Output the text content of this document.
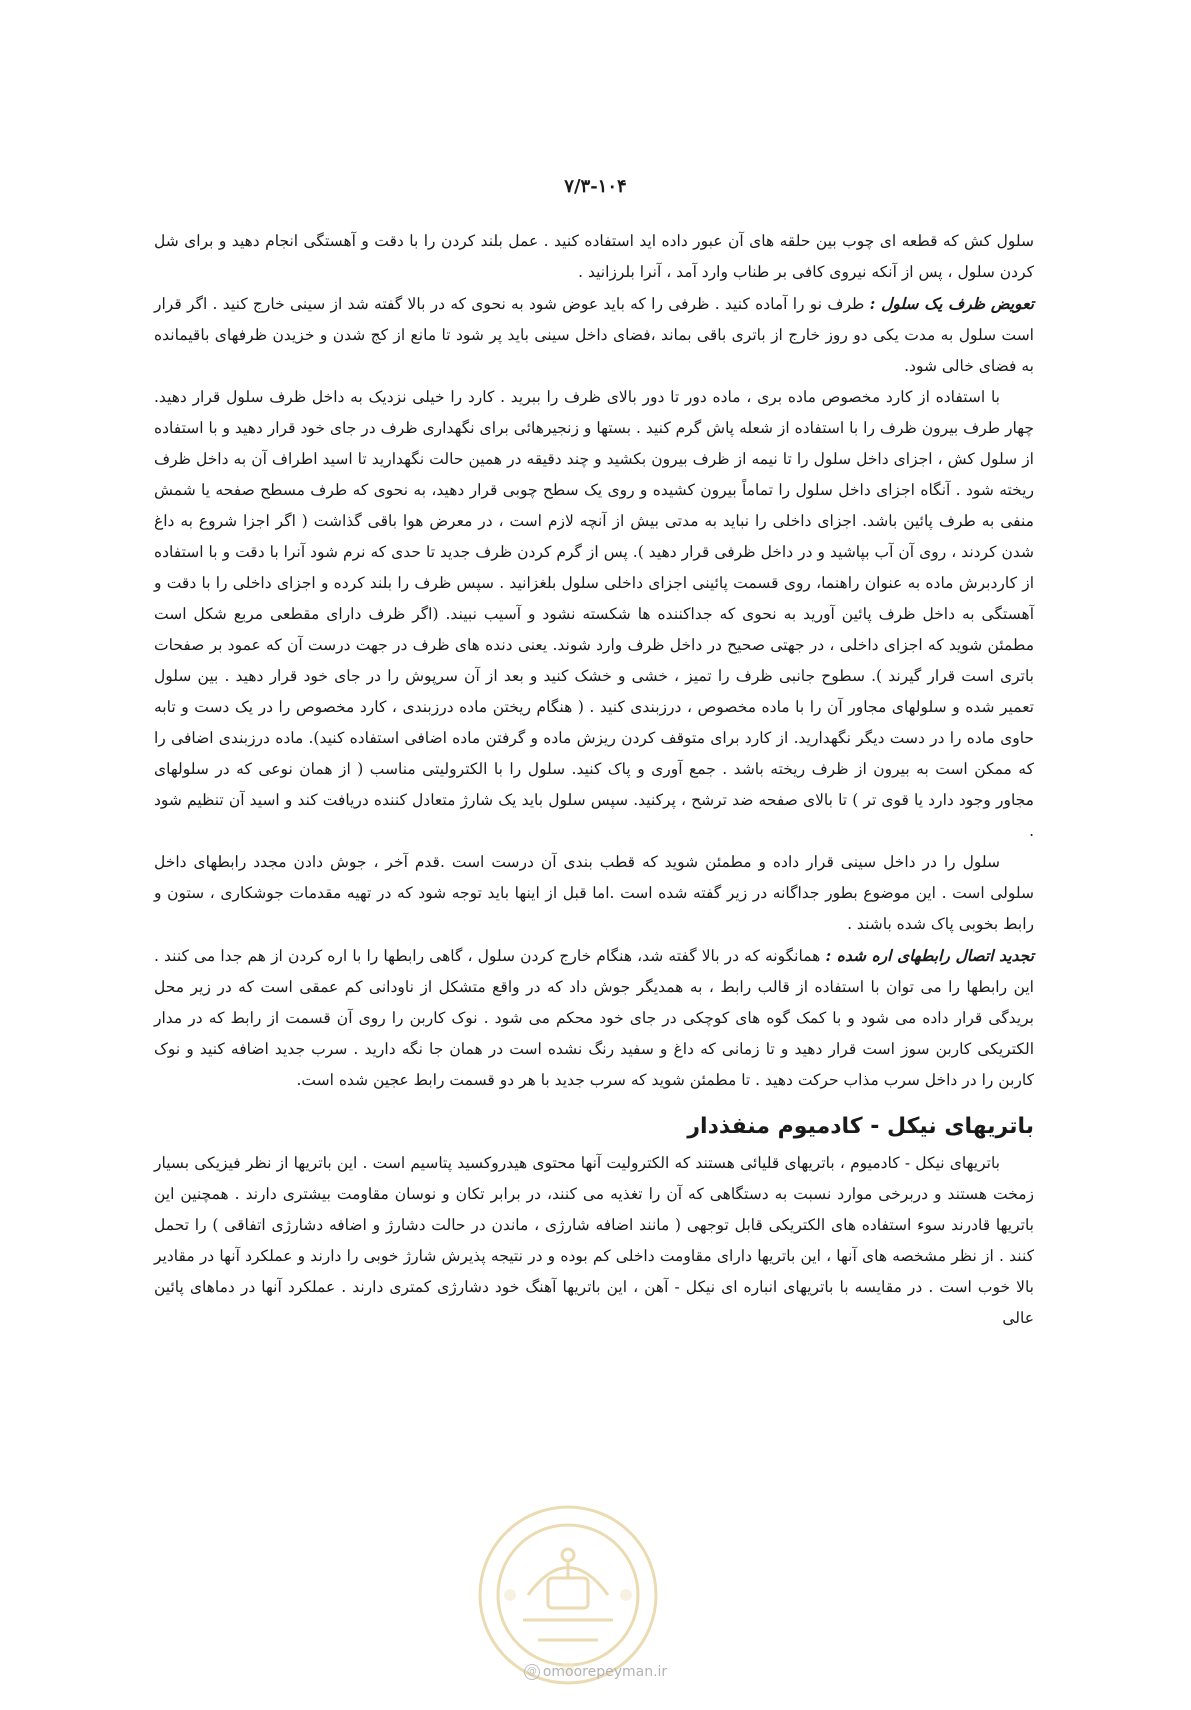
۷/۳-۱۰۴

سلول کش که قطعه ای چوب بین حلقه های آن عبور داده اید استفاده کنید . عمل بلند کردن را با دقت و آهستگی انجام دهید و برای شل کردن سلول ، پس از آنکه نیروی کافی بر طناب وارد آمد ، آنرا بلرزانید .

تعویض ظرف یک سلول : طرف نو را آماده کنید . ظرفی را که باید عوض شود به نحوی که در بالا گفته شد از سینی خارج کنید . اگر قرار است سلول به مدت یکی دو روز خارج از باتری باقی بماند ،فضای داخل سینی باید پر شود تا مانع از کج شدن و خزیدن ظرفهای باقیمانده به فضای خالی شود.

با استفاده از کارد مخصوص ماده بری ، ماده دور تا دور بالای ظرف را ببرید . کارد را خیلی نزدیک به داخل ظرف سلول قرار دهید. چهار طرف بیرون ظرف را با استفاده از شعله پاش گرم کنید . بستها و زنجیرهائی برای نگهداری ظرف در جای خود قرار دهید و با استفاده از سلول کش ، اجزای داخل سلول را تا نیمه از ظرف بیرون بکشید و چند دقیقه در همین حالت نگهدارید تا اسید اطراف آن به داخل ظرف ریخته شود . آنگاه اجزای داخل سلول را تماماً بیرون کشیده و روی یک سطح چوبی قرار دهید، به نحوی که طرف مسطح صفحه یا شمش منفی به طرف پائین باشد. اجزای داخلی را نباید به مدتی بیش از آنچه لازم است ، در معرض هوا باقی گذاشت ( اگر اجزا شروع به داغ شدن کردند ، روی آن آب بپاشید و در داخل ظرفی قرار دهید ). پس از گرم کردن ظرف جدید تا حدی که نرم شود آنرا با دقت و با استفاده از کاردبرش ماده به عنوان راهنما، روی قسمت پائینی اجزای داخلی سلول بلغزانید . سپس ظرف را بلند کرده و اجزای داخلی را با دقت و آهستگی به داخل ظرف پائین آورید به نحوی که جداکننده ها شکسته نشود و آسیب نبیند. (اگر ظرف دارای مقطعی مربع شکل است مطمئن شوید که اجزای داخلی ، در جهتی صحیح در داخل ظرف وارد شوند. یعنی دنده های ظرف در جهت درست آن که عمود بر صفحات باتری است قرار گیرند ). سطوح جانبی ظرف را تمیز ، خشی و خشک کنید و بعد از آن سرپوش را در جای خود قرار دهید . بین سلول تعمیر شده و سلولهای مجاور آن را با ماده مخصوص ، درزبندی کنید . ( هنگام ریختن ماده درزبندی ، کارد مخصوص را در یک دست و تابه حاوی ماده را در دست دیگر نگهدارید. از کارد برای متوقف کردن ریزش ماده و گرفتن ماده اضافی استفاده کنید). ماده درزبندی اضافی را که ممکن است به بیرون از ظرف ریخته باشد . جمع آوری و پاک کنید. سلول را با الکترولیتی مناسب ( از همان نوعی که در سلولهای مجاور وجود دارد یا قوی تر ) تا بالای صفحه ضد ترشح ، پرکنید. سپس سلول باید یک شارژ متعادل کننده دریافت کند و اسید آن تنظیم شود .

سلول را در داخل سینی قرار داده و مطمئن شوید که قطب بندی آن درست است .قدم آخر ، جوش دادن مجدد رابطهای داخل سلولی است . این موضوع بطور جداگانه در زیر گفته شده است .اما قبل از اینها باید توجه شود که در تهیه مقدمات جوشکاری ، ستون و رابط بخوبی پاک شده باشند .

تجدید اتصال رابطهای اره شده : همانگونه که در بالا گفته شد، هنگام خارج کردن سلول ، گاهی رابطها را با اره کردن از هم جدا می کنند . این رابطها را می توان با استفاده از قالب رابط ، به همدیگر جوش داد که در واقع متشکل از ناودانی کم عمقی است که در زیر محل بریدگی قرار داده می شود و با کمک گوه های کوچکی در جای خود محکم می شود . نوک کاربن را روی آن قسمت از رابط که در مدار الکتریکی کاربن سوز است قرار دهید و تا زمانی که داغ و سفید رنگ نشده است در همان جا نگه دارید . سرب جدید اضافه کنید و نوک کاربن را در داخل سرب مذاب حرکت دهید . تا مطمئن شوید که سرب جدید با هر دو قسمت رابط عجین شده است.

باتریهای نیکل - کادمیوم منفذدار

باتریهای نیکل - کادمیوم ، باتریهای قلیائی هستند که الکترولیت آنها محتوی هیدروکسید پتاسیم است . این باتریها از نظر فیزیکی بسیار زمخت هستند و دربرخی موارد نسبت به دستگاهی که آن را تغذیه می کنند، در برابر تکان و نوسان مقاومت بیشتری دارند . همچنین این باتریها قادرند سوء استفاده های الکتریکی قابل توجهی ( مانند اضافه شارژی ، ماندن در حالت دشارژ و اضافه دشارژی اتفاقی ) را تحمل کنند . از نظر مشخصه های آنها ، این باتریها دارای مقاومت داخلی کم بوده و در نتیجه پذیرش شارژ خوبی را دارند و عملکرد آنها در مقادیر بالا خوب است . در مقایسه با باتریهای انباره ای نیکل - آهن ، این باتریها آهنگ خود دشارژی کمتری دارند . عملکرد آنها در دماهای پائین عالی

@ omoorepeyman.ir
